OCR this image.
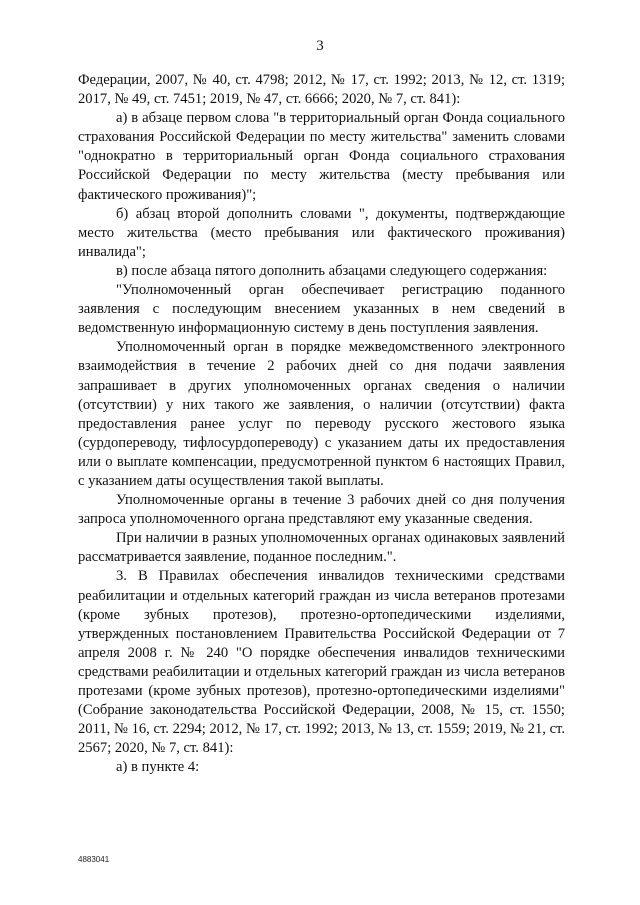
3

Федерации, 2007, № 40, ст. 4798; 2012, № 17, ст. 1992; 2013, № 12, ст. 1319; 2017, № 49, ст. 7451; 2019, № 47, ст. 6666; 2020, № 7, ст. 841):

а) в абзаце первом слова "в территориальный орган Фонда социального страхования Российской Федерации по месту жительства" заменить словами "однократно в территориальный орган Фонда социального страхования Российской Федерации по месту жительства (месту пребывания или фактического проживания)";

б) абзац второй дополнить словами ", документы, подтверждающие место жительства (место пребывания или фактического проживания) инвалида";

в) после абзаца пятого дополнить абзацами следующего содержания:

"Уполномоченный орган обеспечивает регистрацию поданного заявления с последующим внесением указанных в нем сведений в ведомственную информационную систему в день поступления заявления.

Уполномоченный орган в порядке межведомственного электронного взаимодействия в течение 2 рабочих дней со дня подачи заявления запрашивает в других уполномоченных органах сведения о наличии (отсутствии) у них такого же заявления, о наличии (отсутствии) факта предоставления ранее услуг по переводу русского жестового языка (сурдопереводу, тифлосурдопереводу) с указанием даты их предоставления или о выплате компенсации, предусмотренной пунктом 6 настоящих Правил, с указанием даты осуществления такой выплаты.

Уполномоченные органы в течение 3 рабочих дней со дня получения запроса уполномоченного органа представляют ему указанные сведения.

При наличии в разных уполномоченных органах одинаковых заявлений рассматривается заявление, поданное последним.".

3. В Правилах обеспечения инвалидов техническими средствами реабилитации и отдельных категорий граждан из числа ветеранов протезами (кроме зубных протезов), протезно-ортопедическими изделиями, утвержденных постановлением Правительства Российской Федерации от 7 апреля 2008 г. № 240 "О порядке обеспечения инвалидов техническими средствами реабилитации и отдельных категорий граждан из числа ветеранов протезами (кроме зубных протезов), протезно-ортопедическими изделиями" (Собрание законодательства Российской Федерации, 2008, № 15, ст. 1550; 2011, № 16, ст. 2294; 2012, № 17, ст. 1992; 2013, № 13, ст. 1559; 2019, № 21, ст. 2567; 2020, № 7, ст. 841):

а) в пункте 4:

4883041
